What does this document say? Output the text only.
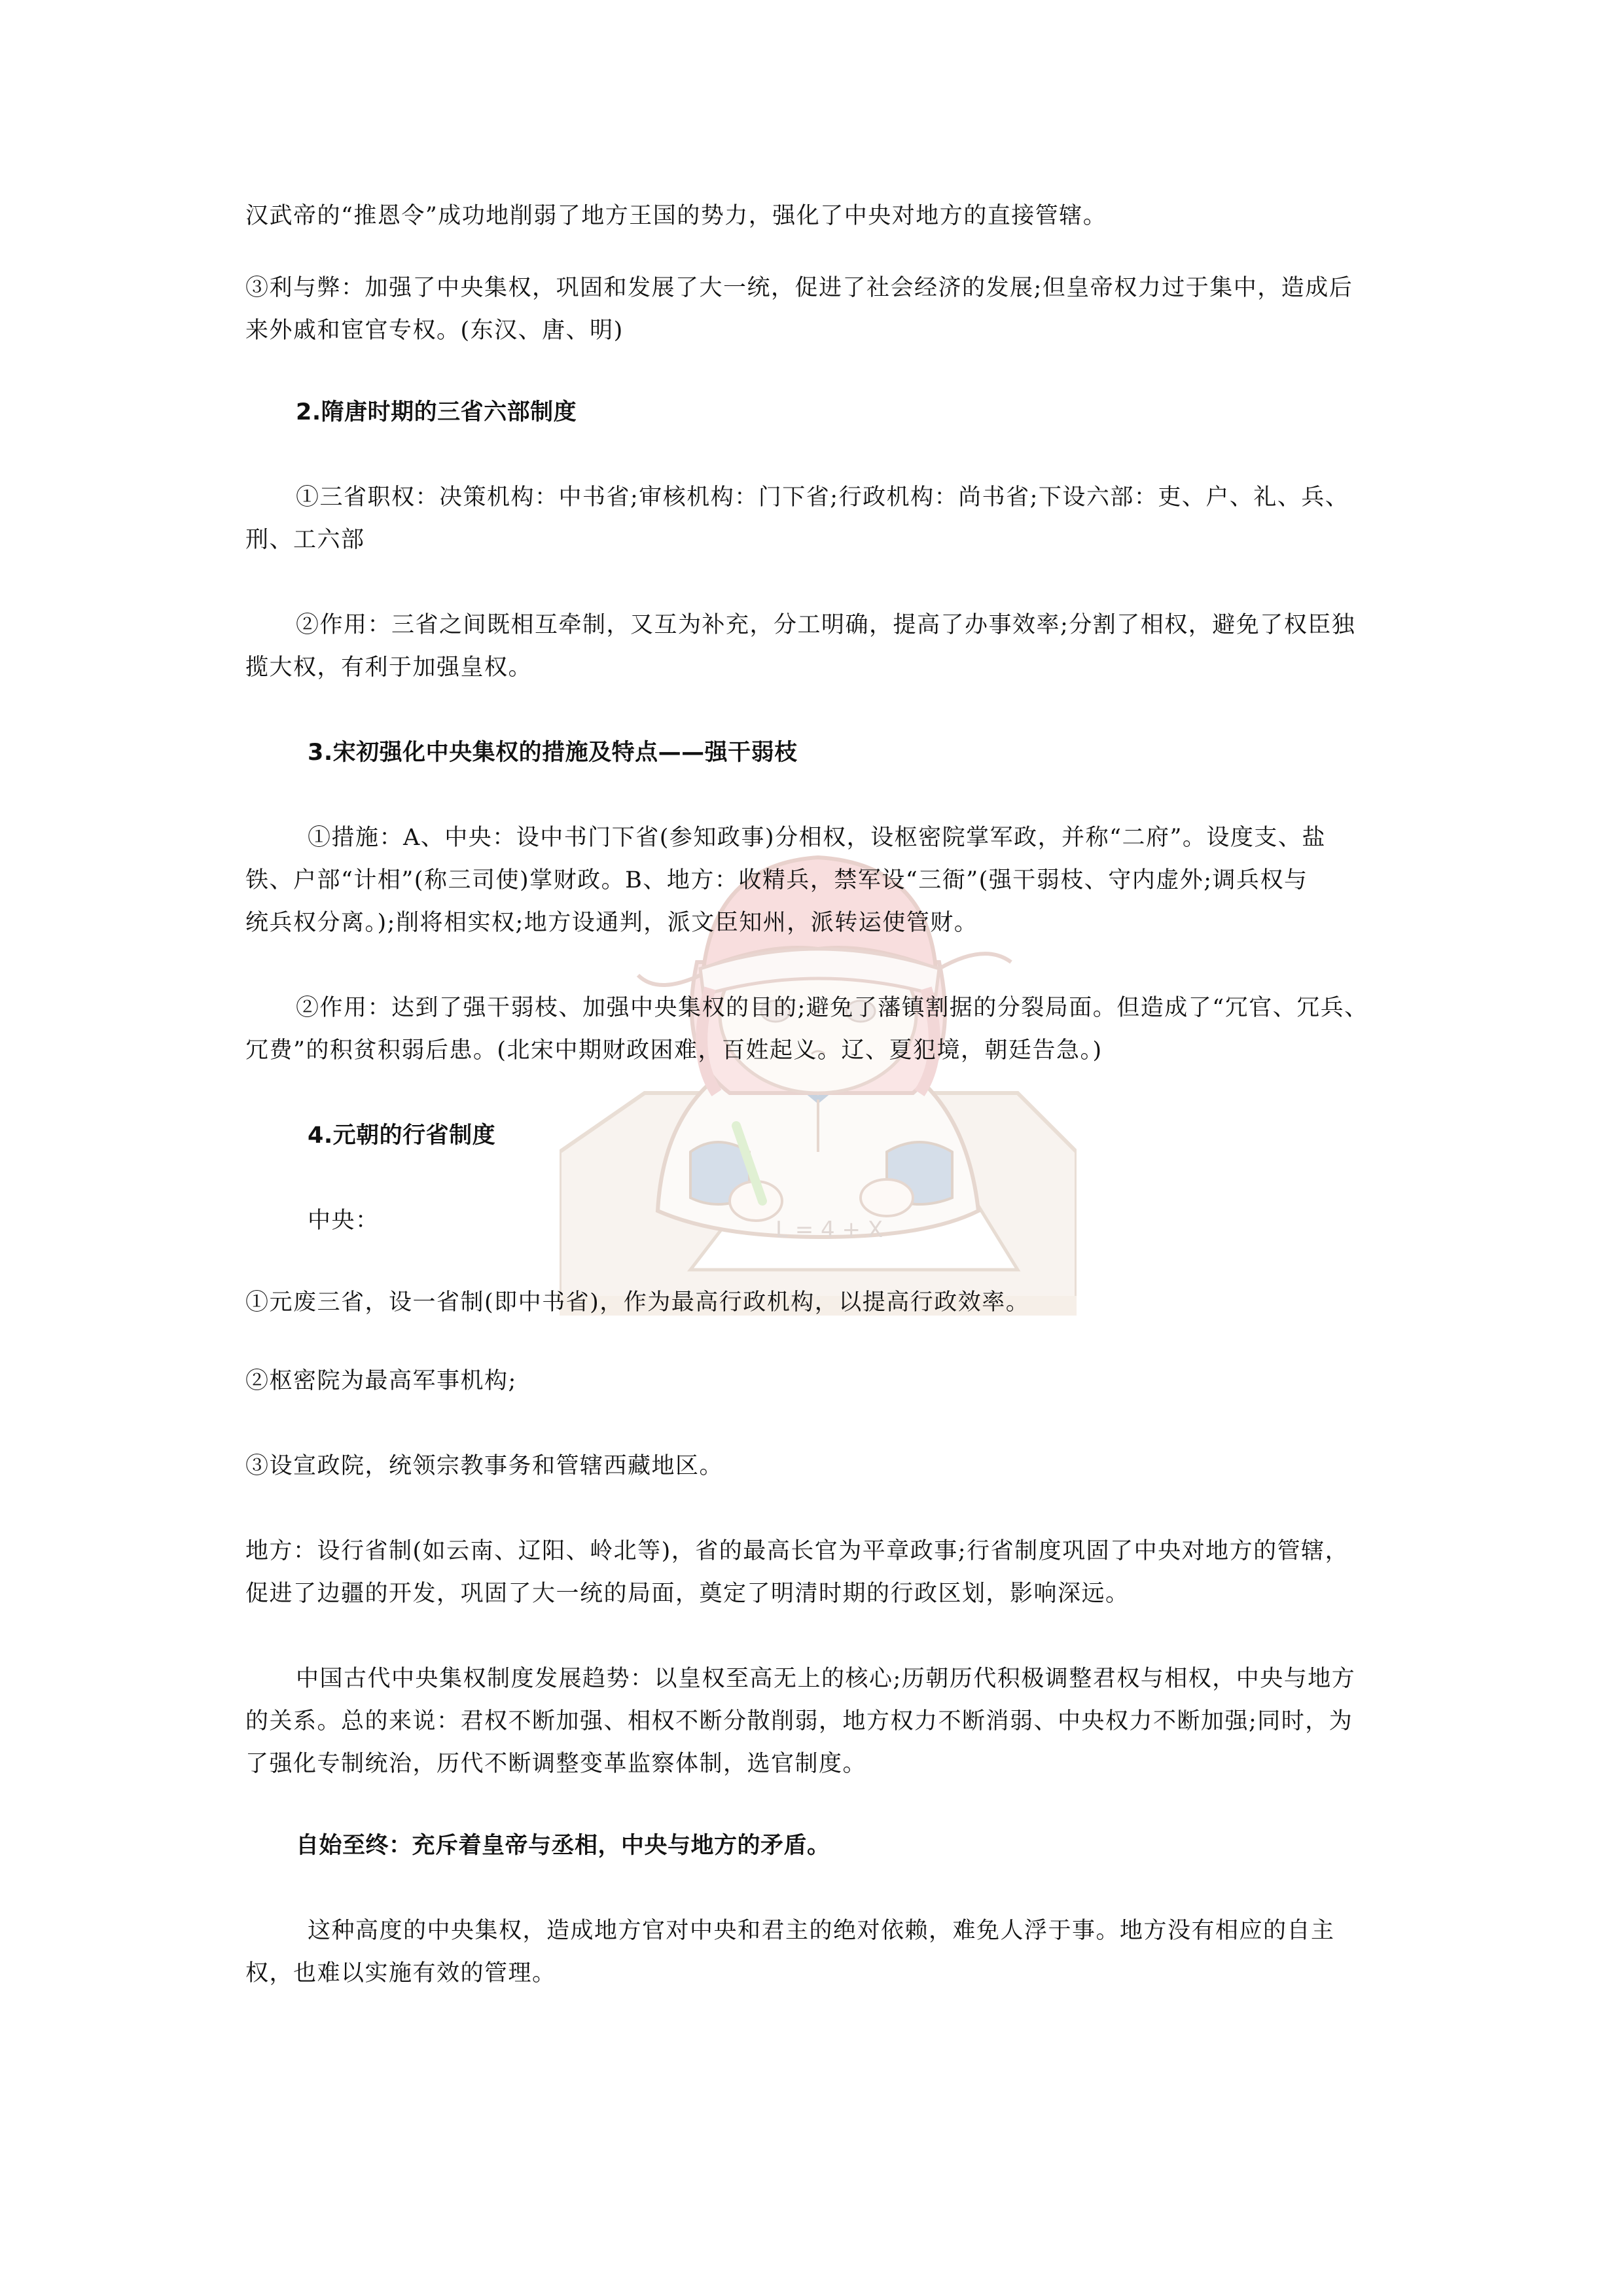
汉武帝的“推恩令”成功地削弱了地方王国的势力，强化了中央对地方的直接管辖。
③利与弊：加强了中央集权，巩固和发展了大一统，促进了社会经济的发展;但皇帝权力过于集中，造成后
来外戚和宦官专权。(东汉、唐、明)
2.隋唐时期的三省六部制度
①三省职权：决策机构：中书省;审核机构：门下省;行政机构：尚书省;下设六部：吏、户、礼、兵、
刑、工六部
②作用：三省之间既相互牵制，又互为补充，分工明确，提高了办事效率;分割了相权，避免了权臣独
揽大权，有利于加强皇权。
3.宋初强化中央集权的措施及特点——强干弱枝
①措施：A、中央：设中书门下省(参知政事)分相权，设枢密院掌军政，并称“二府”。设度支、盐
铁、户部“计相”(称三司使)掌财政。B、地方：收精兵，禁军设“三衙”(强干弱枝、守内虚外;调兵权与
统兵权分离。);削将相实权;地方设通判，派文臣知州，派转运使管财。
②作用：达到了强干弱枝、加强中央集权的目的;避免了藩镇割据的分裂局面。但造成了“冗官、冗兵、
冗费”的积贫积弱后患。(北宋中期财政困难，百姓起义。辽、夏犯境，朝廷告急。)
4.元朝的行省制度
中央：
①元废三省，设一省制(即中书省)，作为最高行政机构，以提高行政效率。
②枢密院为最高军事机构;
③设宣政院，统领宗教事务和管辖西藏地区。
地方：设行省制(如云南、辽阳、岭北等)，省的最高长官为平章政事;行省制度巩固了中央对地方的管辖，
促进了边疆的开发，巩固了大一统的局面，奠定了明清时期的行政区划，影响深远。
中国古代中央集权制度发展趋势：以皇权至高无上的核心;历朝历代积极调整君权与相权，中央与地方
的关系。总的来说：君权不断加强、相权不断分散削弱，地方权力不断消弱、中央权力不断加强;同时，为
了强化专制统治，历代不断调整变革监察体制，选官制度。
自始至终：充斥着皇帝与丞相，中央与地方的矛盾。
这种高度的中央集权，造成地方官对中央和君主的绝对依赖，难免人浮于事。地方没有相应的自主
权，也难以实施有效的管理。
L = 4 + X
